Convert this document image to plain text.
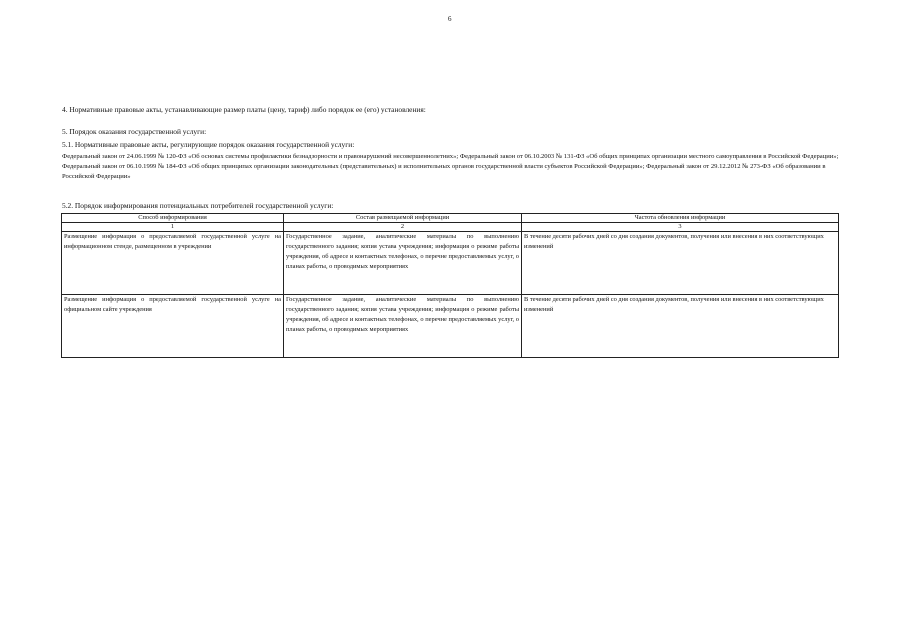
6
4. Нормативные правовые акты, устанавливающие размер платы (цену, тариф) либо порядок ее (его) установления:
5. Порядок оказания государственной услуги:
5.1. Нормативные правовые акты, регулирующие порядок оказания государственной услуги:
Федеральный закон от 24.06.1999 № 120-ФЗ «Об основах системы профилактики безнадзорности и правонарушений несовершеннолетних»; Федеральный закон от 06.10.2003 № 131-ФЗ «Об общих принципах организации местного самоуправления в Российской Федерации»; Федеральный закон от 06.10.1999 № 184-ФЗ «Об общих принципах организации законодательных (представительных) и исполнительных органов государственной власти субъектов Российской Федерации»; Федеральный закон от 29.12.2012 № 273-ФЗ «Об образовании в Российской Федерации»
5.2. Порядок информирования потенциальных потребителей государственной услуги:
Способ информирования	Состав размещаемой информации	Частота обновления информации
1	2	3
Размещение информация о предоставляемой государственной услуге на информационном стенде, размещенном в учреждении	Государственное задание, аналитические материалы по выполнению государственного задания; копия устава учреждения; информация о режиме работы учреждения, об адресе и контактных телефонах, о перечне предоставляемых услуг, о планах работы, о проводимых мероприятиях	В течение десяти рабочих дней со дня создания документов, получения или внесения в них соответствующих изменений
Размещение информация о предоставляемой государственной услуге на официальном сайте учреждения	Государственное задание, аналитические материалы по выполнению государственного задания; копия устава учреждения; информация о режиме работы учреждения, об адресе и контактных телефонах, о перечне предоставляемых услуг, о планах работы, о проводимых мероприятиях	В течение десяти рабочих дней со дня создания документов, получения или внесения в них соответствующих изменений
